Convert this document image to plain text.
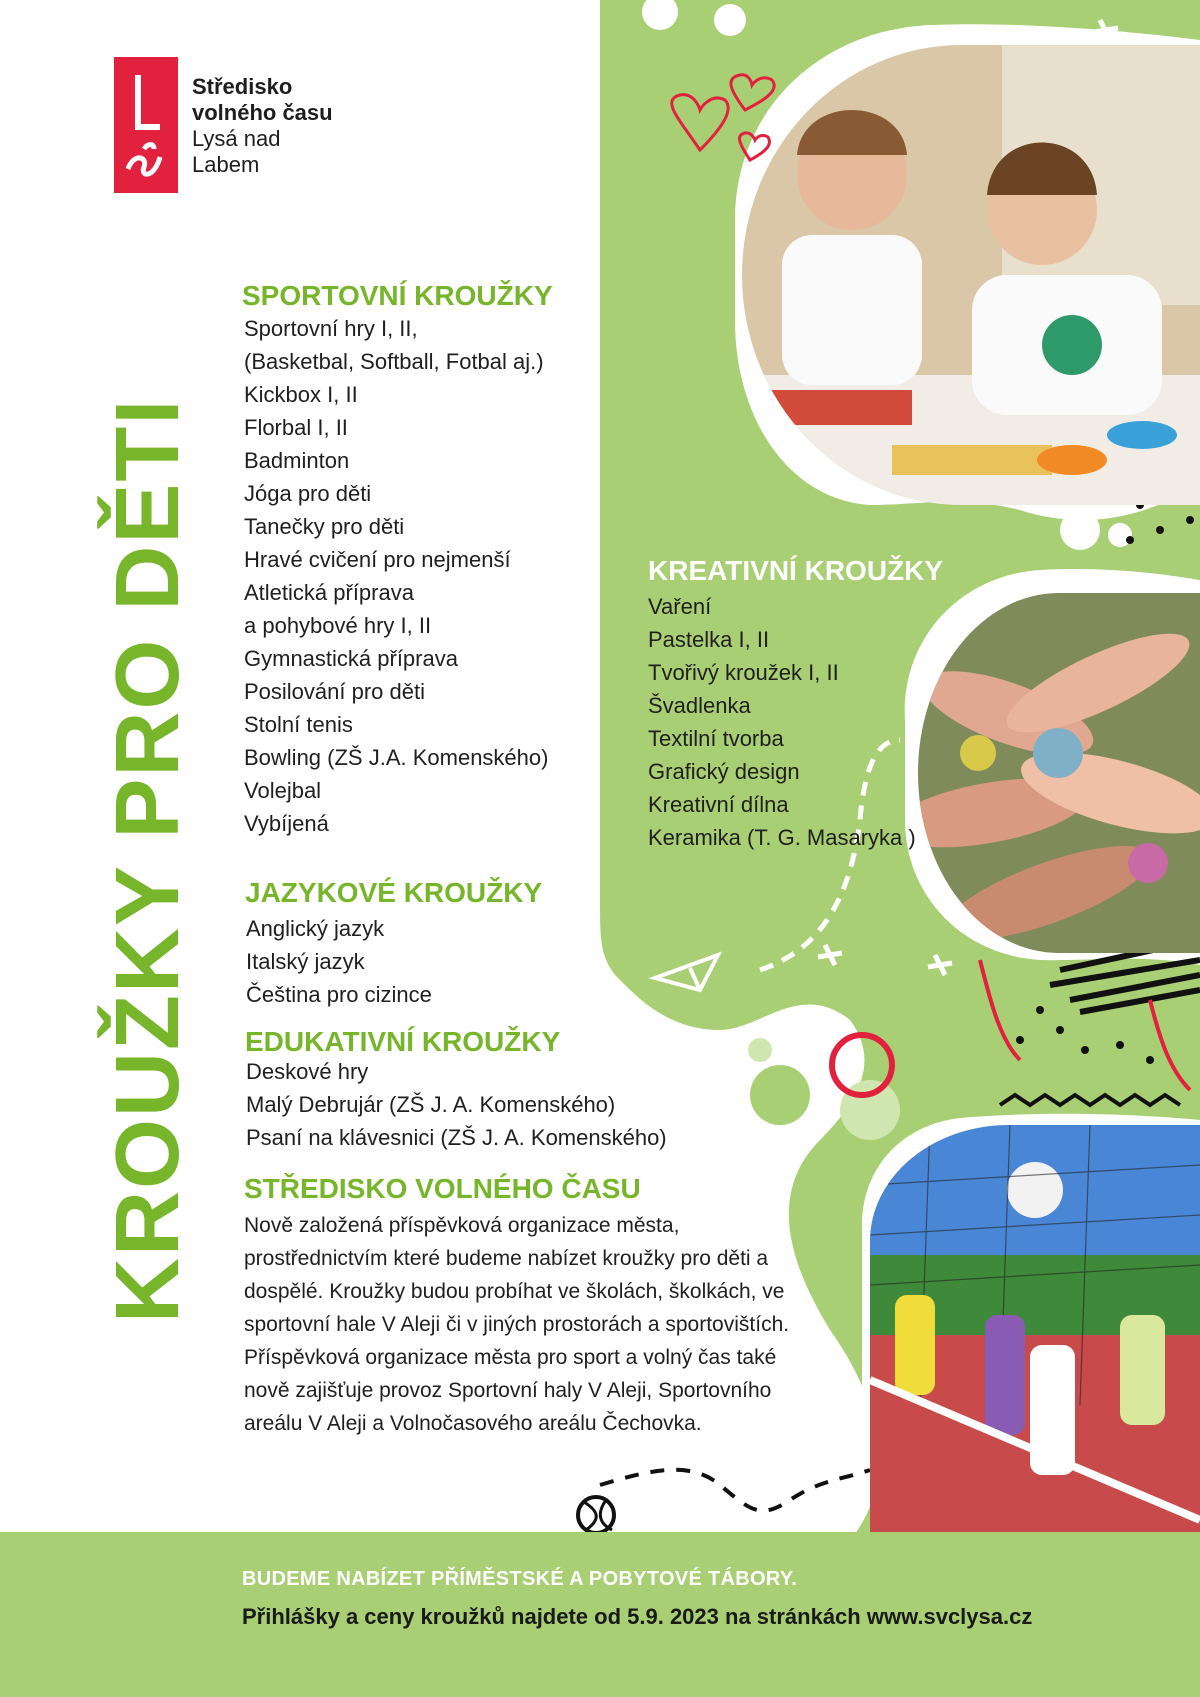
Středisko
volného času
Lysá nad
Labem
KROUŽKY PRO DĚTI
SPORTOVNÍ KROUŽKY
Sportovní hry I, II,
(Basketbal, Softball, Fotbal aj.)
Kickbox I, II
Florbal I, II
Badminton
Jóga pro děti
Tanečky pro děti
Hravé cvičení pro nejmenší
Atletická příprava
a pohybové hry I, II
Gymnastická příprava
Posilování pro děti
Stolní tenis
Bowling (ZŠ J.A. Komenského)
Volejbal
Vybíjená
JAZYKOVÉ KROUŽKY
Anglický jazyk
Italský jazyk
Čeština pro cizince
EDUKATIVNÍ KROUŽKY
Deskové hry
Malý Debrujár (ZŠ J. A. Komenského)
Psaní na klávesnici (ZŠ J. A. Komenského)
STŘEDISKO VOLNÉHO ČASU
Nově založená příspěvková organizace města,
prostřednictvím které budeme nabízet kroužky pro děti a
dospělé. Kroužky budou probíhat ve školách, školkách, ve
sportovní hale V Aleji či v jiných prostorách a sportovištích.
Příspěvková organizace města pro sport a volný čas také
nově zajišťuje provoz Sportovní haly V Aleji, Sportovního
areálu V Aleji a Volnočasového areálu Čechovka.
KREATIVNÍ KROUŽKY
Vaření
Pastelka I, II
Tvořivý kroužek I, II
Švadlenka
Textilní tvorba
Grafický design
Kreativní dílna
Keramika (T. G. Masaryka )
BUDEME NABÍZET PŘÍMĚSTSKÉ A POBYTOVÉ TÁBORY.
Přihlášky a ceny kroužků najdete od 5.9. 2023 na stránkách www.svclysa.cz
